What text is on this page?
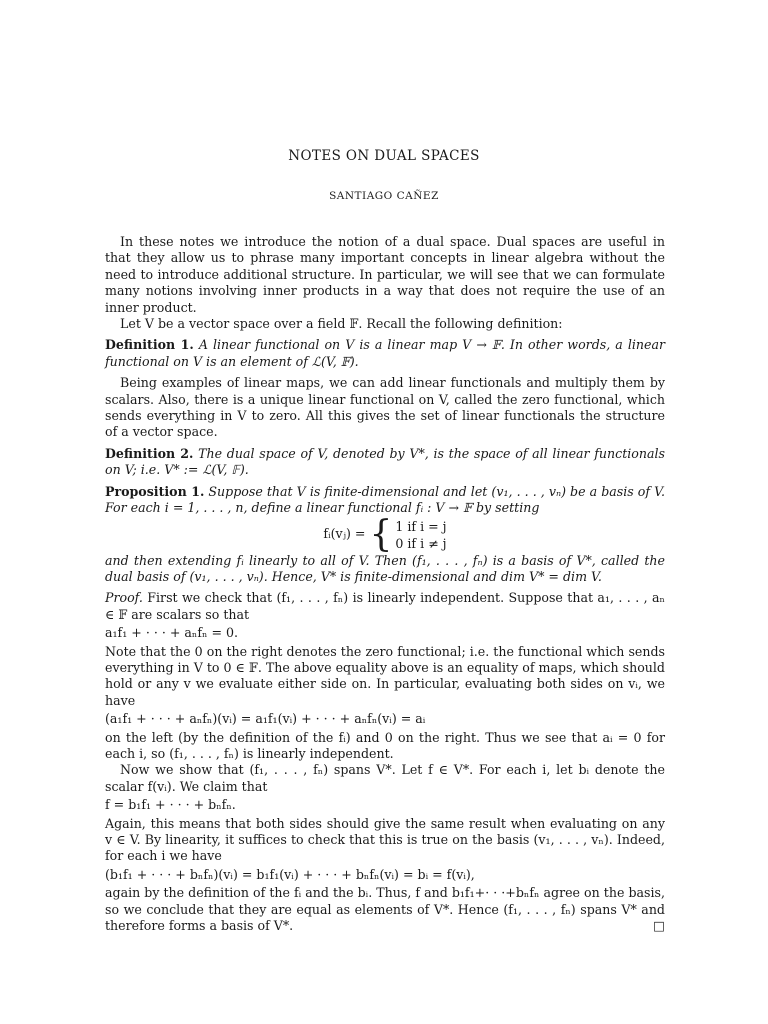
NOTES ON DUAL SPACES
SANTIAGO CAÑEZ

In these notes we introduce the notion of a dual space. Dual spaces are useful in that they allow us to phrase many important concepts in linear algebra without the need to introduce additional structure. In particular, we will see that we can formulate many notions involving inner products in a way that does not require the use of an inner product.

Let V be a vector space over a field 𝔽. Recall the following definition:

Definition 1. A linear functional on V is a linear map V → 𝔽. In other words, a linear functional on V is an element of ℒ(V, 𝔽).

Being examples of linear maps, we can add linear functionals and multiply them by scalars. Also, there is a unique linear functional on V, called the zero functional, which sends everything in V to zero. All this gives the set of linear functionals the structure of a vector space.

Definition 2. The dual space of V, denoted by V*, is the space of all linear functionals on V; i.e. V* := ℒ(V, 𝔽).

Proposition 1. Suppose that V is finite-dimensional and let (v₁, . . . , vₙ) be a basis of V. For each i = 1, . . . , n, define a linear functional fᵢ : V → 𝔽 by setting

fᵢ(vⱼ) = { 1 if i = j
0 if i ≠ j

and then extending fᵢ linearly to all of V. Then (f₁, . . . , fₙ) is a basis of V*, called the dual basis of (v₁, . . . , vₙ). Hence, V* is finite-dimensional and dim V* = dim V.

Proof. First we check that (f₁, . . . , fₙ) is linearly independent. Suppose that a₁, . . . , aₙ ∈ 𝔽 are scalars so that

a₁f₁ + · · · + aₙfₙ = 0.

Note that the 0 on the right denotes the zero functional; i.e. the functional which sends everything in V to 0 ∈ 𝔽. The above equality above is an equality of maps, which should hold or any v we evaluate either side on. In particular, evaluating both sides on vᵢ, we have

(a₁f₁ + · · · + aₙfₙ)(vᵢ) = a₁f₁(vᵢ) + · · · + aₙfₙ(vᵢ) = aᵢ

on the left (by the definition of the fᵢ) and 0 on the right. Thus we see that aᵢ = 0 for each i, so (f₁, . . . , fₙ) is linearly independent.

Now we show that (f₁, . . . , fₙ) spans V*. Let f ∈ V*. For each i, let bᵢ denote the scalar f(vᵢ). We claim that

f = b₁f₁ + · · · + bₙfₙ.

Again, this means that both sides should give the same result when evaluating on any v ∈ V. By linearity, it suffices to check that this is true on the basis (v₁, . . . , vₙ). Indeed, for each i we have

(b₁f₁ + · · · + bₙfₙ)(vᵢ) = b₁f₁(vᵢ) + · · · + bₙfₙ(vᵢ) = bᵢ = f(vᵢ),

again by the definition of the fᵢ and the bᵢ. Thus, f and b₁f₁+· · ·+bₙfₙ agree on the basis, so we conclude that they are equal as elements of V*. Hence (f₁, . . . , fₙ) spans V* and therefore forms a basis of V*.	□
